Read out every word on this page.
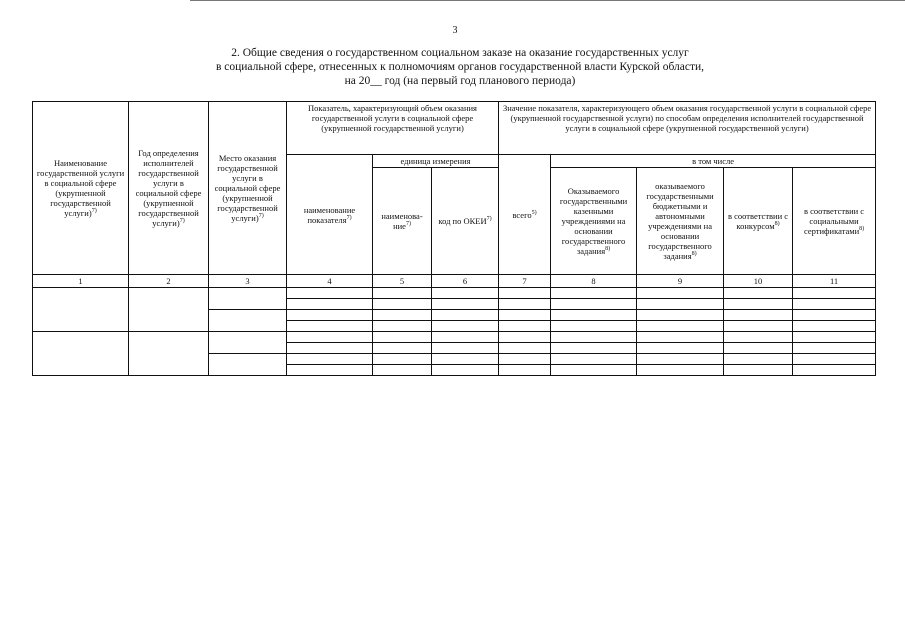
3
2. Общие сведения о государственном социальном заказе на оказание государственных услуг
в социальной сфере, отнесенных к полномочиям органов государственной власти Курской области,
на 20__ год (на первый год планового периода)
Наименование государственной услуги в социальной сфере (укрупненной государственной услуги)$^{7)}$	Год определения исполнителей государственной услуги в социальной сфере (укрупненной государственной услуги)$^{7)}$	Место оказания государственной услуги в социальной сфере (укрупненной государственной услуги)$^{7)}$	Показатель, характеризующий объем оказания государственной услуги в социальной сфере (укрупненной государственной услуги)			Значение показателя, характеризующего объем оказания государственной услуги в социальной сфере (укрупненной государственной услуги) по способам определения исполнителей государственной услуги в социальной сфере (укрупненной государственной услуги)				
			наименование показателя$^{7)}$	единица измерения		всего$^{5)}$	в том числе			
				наименова-ние$^{7)}$	код по ОКЕИ$^{7)}$		Оказываемого государственными казенными учреждениями на основании государственного задания$^{8)}$	оказываемого государственными бюджетными и автономными учреждениями на основании государственного задания$^{8)}$	в соответствии с конкурсом$^{8)}$	в соответствии с социальными сертификатами$^{8)}$
1	2	3	4	5	6	7	8	9	10	11
